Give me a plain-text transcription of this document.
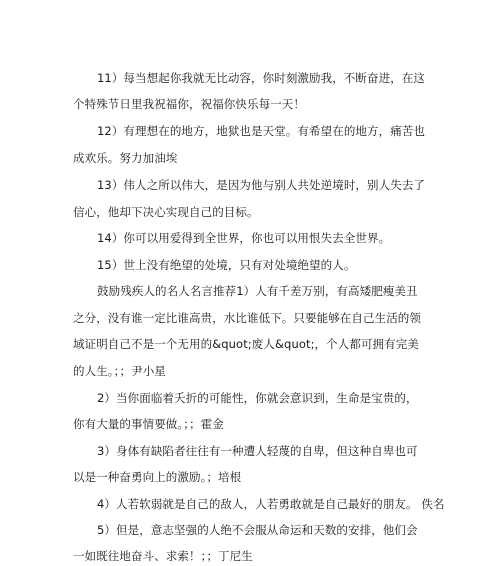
11）每当想起你我就无比动容，你时刻激励我，不断奋进，在这
个特殊节日里我祝福你，祝福你快乐每一天！
12）有理想在的地方，地狱也是天堂。有希望在的地方，痛苦也
成欢乐。努力加油埃
13）伟人之所以伟大，是因为他与别人共处逆境时，别人失去了
信心，他却下决心实现自己的目标。
14）你可以用爱得到全世界，你也可以用恨失去全世界。
15）世上没有绝望的处境，只有对处境绝望的人。
鼓励残疾人的名人名言推荐1）人有千差万别，有高矮肥瘦美丑
之分，没有谁一定比谁高贵，水比谁低下。只要能够在自己生活的领
域证明自己不是一个无用的&quot;废人&quot;，个人都可拥有完美
的人生。；；尹小星
2）当你面临着夭折的可能性，你就会意识到，生命是宝贵的，
你有大量的事情要做。；；霍金
3）身体有缺陷者往往有一种遭人轻蔑的自卑，但这种自卑也可
以是一种奋勇向上的激励。；培根
4）人若软弱就是自己的敌人，人若勇敢就是自己最好的朋友。 佚名
5）但是，意志坚强的人绝不会服从命运和天数的安排，他们会
一如既往地奋斗、求索！；；丁尼生
